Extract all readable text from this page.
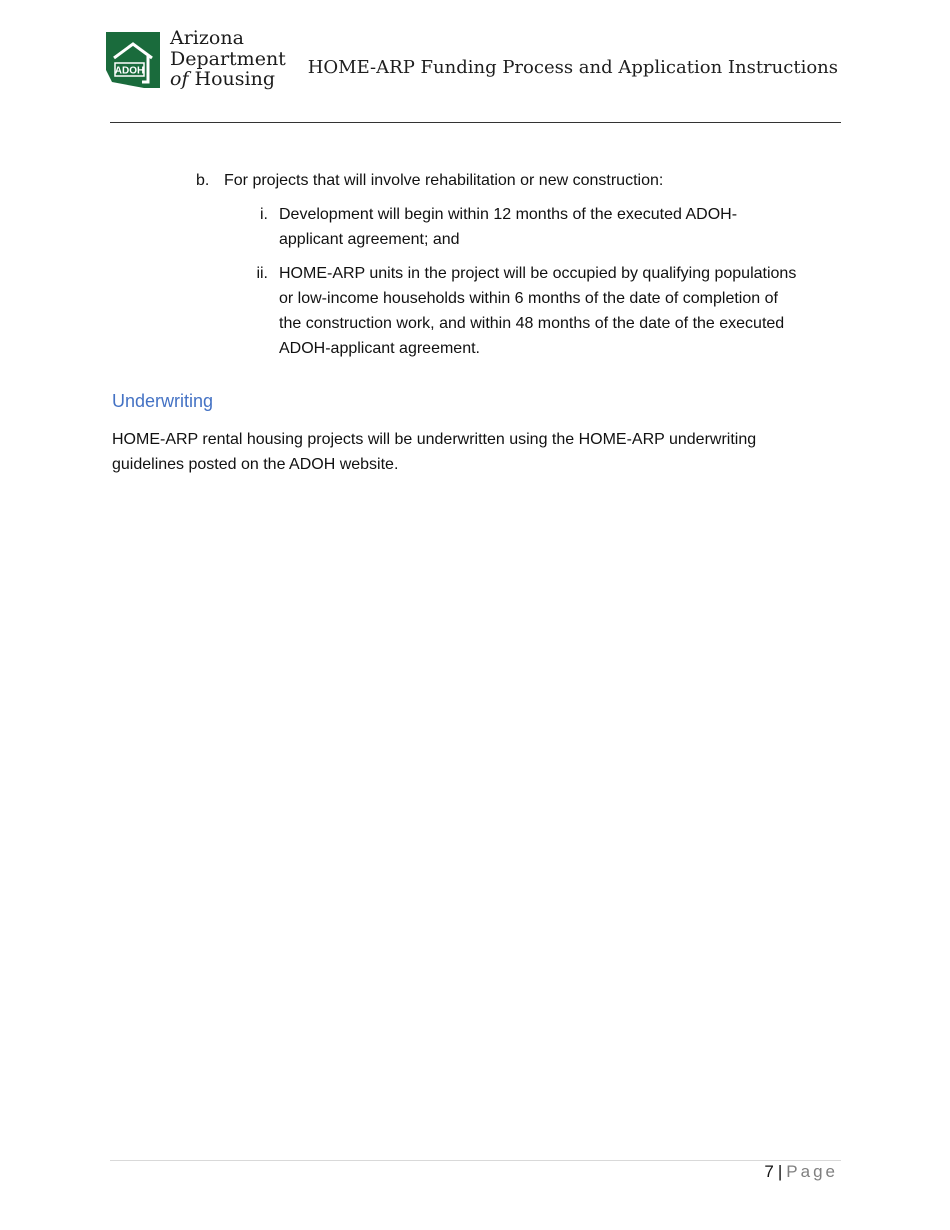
ADOH
Arizona
Department
of Housing
HOME-ARP Funding Process and Application Instructions
b. For projects that will involve rehabilitation or new construction:
i. Development will begin within 12 months of the executed ADOH-
applicant agreement; and
ii. HOME-ARP units in the project will be occupied by qualifying populations
or low-income households within 6 months of the date of completion of
the construction work, and within 48 months of the date of the executed
ADOH-applicant agreement.
Underwriting
HOME-ARP rental housing projects will be underwritten using the HOME-ARP underwriting
guidelines posted on the ADOH website.
7 | Page
